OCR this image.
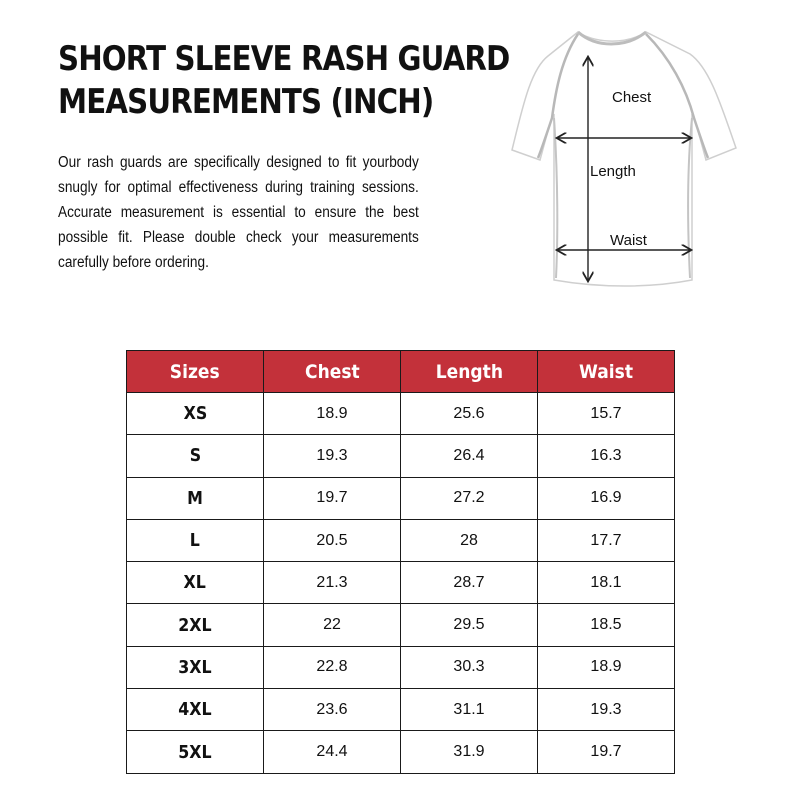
SHORT SLEEVE RASH GUARD
MEASUREMENTS (INCH)
Our rash guards are specifically designed to fit yourbody snugly for optimal effectiveness during training sessions. Accurate measurement is essential to ensure the best possible fit. Please double check your measurements carefully before ordering.
Chest
Length
Waist
Sizes	Chest	Length	Waist
XS	18.9	25.6	15.7
S	19.3	26.4	16.3
M	19.7	27.2	16.9
L	20.5	28	17.7
XL	21.3	28.7	18.1
2XL	22	29.5	18.5
3XL	22.8	30.3	18.9
4XL	23.6	31.1	19.3
5XL	24.4	31.9	19.7
